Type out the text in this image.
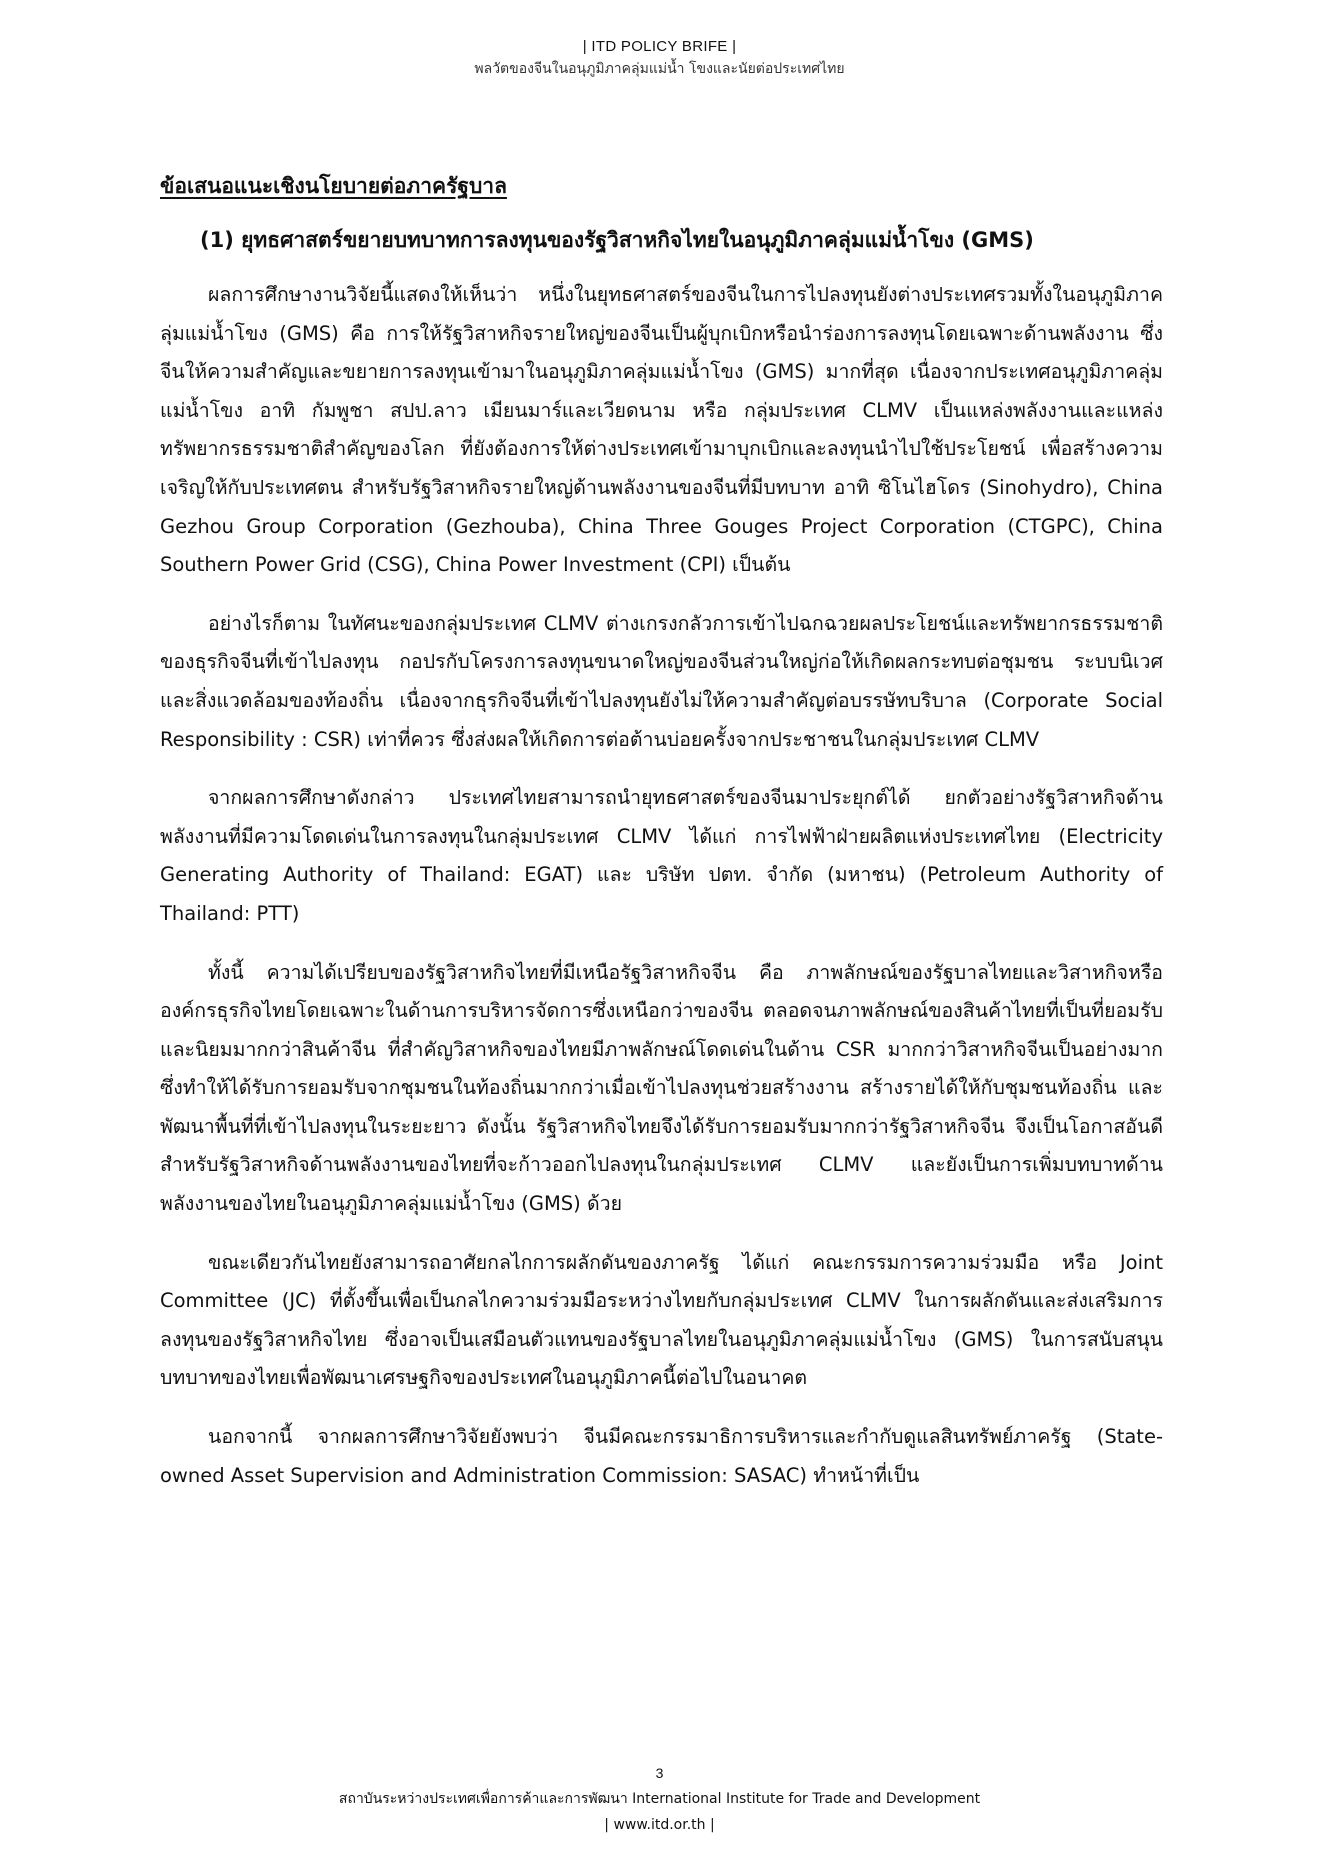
| ITD POLICY BRIFE |
พลวัตของจีนในอนุภูมิภาคลุ่มแม่น้ำ โขงและนัยต่อประเทศไทย
ข้อเสนอแนะเชิงนโยบายต่อภาครัฐบาล
(1) ยุทธศาสตร์ขยายบทบาทการลงทุนของรัฐวิสาหกิจไทยในอนุภูมิภาคลุ่มแม่น้ำโขง (GMS)

ผลการศึกษางานวิจัยนี้แสดงให้เห็นว่า หนึ่งในยุทธศาสตร์ของจีนในการไปลงทุนยังต่างประเทศรวมทั้งในอนุภูมิภาคลุ่มแม่น้ำโขง (GMS) คือ การให้รัฐวิสาหกิจรายใหญ่ของจีนเป็นผู้บุกเบิกหรือนำร่องการลงทุนโดยเฉพาะด้านพลังงาน ซึ่งจีนให้ความสำคัญและขยายการลงทุนเข้ามาในอนุภูมิภาคลุ่มแม่น้ำโขง (GMS) มากที่สุด เนื่องจากประเทศอนุภูมิภาคลุ่มแม่น้ำโขง อาทิ กัมพูชา สปป.ลาว เมียนมาร์และเวียดนาม หรือ กลุ่มประเทศ CLMV เป็นแหล่งพลังงานและแหล่งทรัพยากรธรรมชาติสำคัญของโลก ที่ยังต้องการให้ต่างประเทศเข้ามาบุกเบิกและลงทุนนำไปใช้ประโยชน์ เพื่อสร้างความเจริญให้กับประเทศตน สำหรับรัฐวิสาหกิจรายใหญ่ด้านพลังงานของจีนที่มีบทบาท อาทิ ซิโนไฮโดร (Sinohydro), China Gezhou Group Corporation (Gezhouba), China Three Gouges Project Corporation (CTGPC), China Southern Power Grid (CSG), China Power Investment (CPI) เป็นต้น

อย่างไรก็ตาม ในทัศนะของกลุ่มประเทศ CLMV ต่างเกรงกลัวการเข้าไปฉกฉวยผลประโยชน์และทรัพยากรธรรมชาติของธุรกิจจีนที่เข้าไปลงทุน กอปรกับโครงการลงทุนขนาดใหญ่ของจีนส่วนใหญ่ก่อให้เกิดผลกระทบต่อชุมชน ระบบนิเวศ และสิ่งแวดล้อมของท้องถิ่น เนื่องจากธุรกิจจีนที่เข้าไปลงทุนยังไม่ให้ความสำคัญต่อบรรษัทบริบาล (Corporate Social Responsibility : CSR) เท่าที่ควร ซึ่งส่งผลให้เกิดการต่อต้านบ่อยครั้งจากประชาชนในกลุ่มประเทศ CLMV

จากผลการศึกษาดังกล่าว ประเทศไทยสามารถนำยุทธศาสตร์ของจีนมาประยุกต์ได้ ยกตัวอย่างรัฐวิสาหกิจด้านพลังงานที่มีความโดดเด่นในการลงทุนในกลุ่มประเทศ CLMV ได้แก่ การไฟฟ้าฝ่ายผลิตแห่งประเทศไทย (Electricity Generating Authority of Thailand: EGAT) และ บริษัท ปตท. จำกัด (มหาชน) (Petroleum Authority of Thailand: PTT)

ทั้งนี้ ความได้เปรียบของรัฐวิสาหกิจไทยที่มีเหนือรัฐวิสาหกิจจีน คือ ภาพลักษณ์ของรัฐบาลไทยและวิสาหกิจหรือองค์กรธุรกิจไทยโดยเฉพาะในด้านการบริหารจัดการซึ่งเหนือกว่าของจีน ตลอดจนภาพลักษณ์ของสินค้าไทยที่เป็นที่ยอมรับและนิยมมากกว่าสินค้าจีน ที่สำคัญวิสาหกิจของไทยมีภาพลักษณ์โดดเด่นในด้าน CSR มากกว่าวิสาหกิจจีนเป็นอย่างมาก ซึ่งทำให้ได้รับการยอมรับจากชุมชนในท้องถิ่นมากกว่าเมื่อเข้าไปลงทุนช่วยสร้างงาน สร้างรายได้ให้กับชุมชนท้องถิ่น และพัฒนาพื้นที่ที่เข้าไปลงทุนในระยะยาว ดังนั้น รัฐวิสาหกิจไทยจึงได้รับการยอมรับมากกว่ารัฐวิสาหกิจจีน จึงเป็นโอกาสอันดีสำหรับรัฐวิสาหกิจด้านพลังงานของไทยที่จะก้าวออกไปลงทุนในกลุ่มประเทศ CLMV และยังเป็นการเพิ่มบทบาทด้านพลังงานของไทยในอนุภูมิภาคลุ่มแม่น้ำโขง (GMS) ด้วย

ขณะเดียวกันไทยยังสามารถอาศัยกลไกการผลักดันของภาครัฐ ได้แก่ คณะกรรมการความร่วมมือ หรือ Joint Committee (JC) ที่ตั้งขึ้นเพื่อเป็นกลไกความร่วมมือระหว่างไทยกับกลุ่มประเทศ CLMV ในการผลักดันและส่งเสริมการลงทุนของรัฐวิสาหกิจไทย ซึ่งอาจเป็นเสมือนตัวแทนของรัฐบาลไทยในอนุภูมิภาคลุ่มแม่น้ำโขง (GMS) ในการสนับสนุนบทบาทของไทยเพื่อพัฒนาเศรษฐกิจของประเทศในอนุภูมิภาคนี้ต่อไปในอนาคต

นอกจากนี้ จากผลการศึกษาวิจัยยังพบว่า จีนมีคณะกรรมาธิการบริหารและกำกับดูแลสินทรัพย์ภาครัฐ (State-owned Asset Supervision and Administration Commission: SASAC) ทำหน้าที่เป็น

3
สถาบันระหว่างประเทศเพื่อการค้าและการพัฒนา International Institute for Trade and Development
| www.itd.or.th |
